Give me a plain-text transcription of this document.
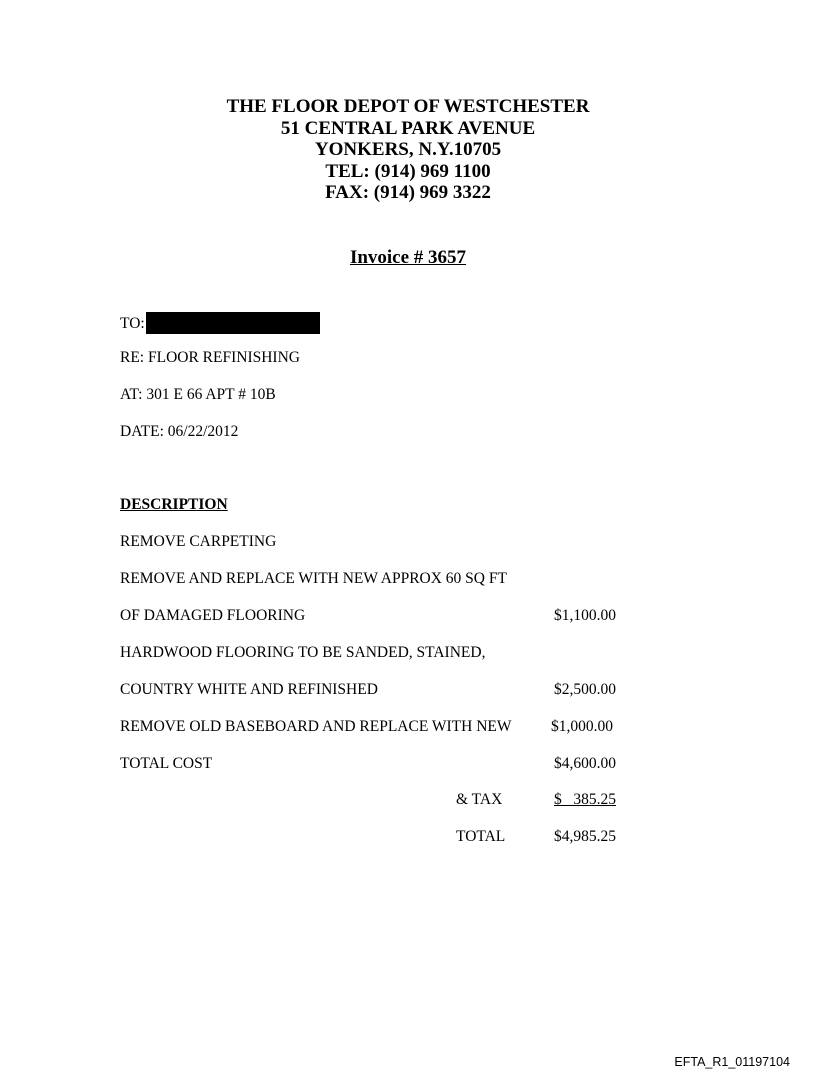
THE FLOOR DEPOT OF WESTCHESTER
51 CENTRAL PARK AVENUE
YONKERS, N.Y.10705
TEL: (914) 969 1100
FAX: (914) 969 3322
Invoice # 3657
TO:
RE: FLOOR REFINISHING
AT: 301 E 66 APT # 10B
DATE: 06/22/2012
DESCRIPTION
REMOVE CARPETING
REMOVE AND REPLACE WITH NEW APPROX 60 SQ FT
OF DAMAGED FLOORING	$1,100.00
HARDWOOD FLOORING TO BE SANDED, STAINED,
COUNTRY WHITE AND REFINISHED	$2,500.00
REMOVE OLD BASEBOARD AND REPLACE WITH NEW	$1,000.00
TOTAL COST	$4,600.00
& TAX	$   385.25
TOTAL	$4,985.25
EFTA_R1_01197104
